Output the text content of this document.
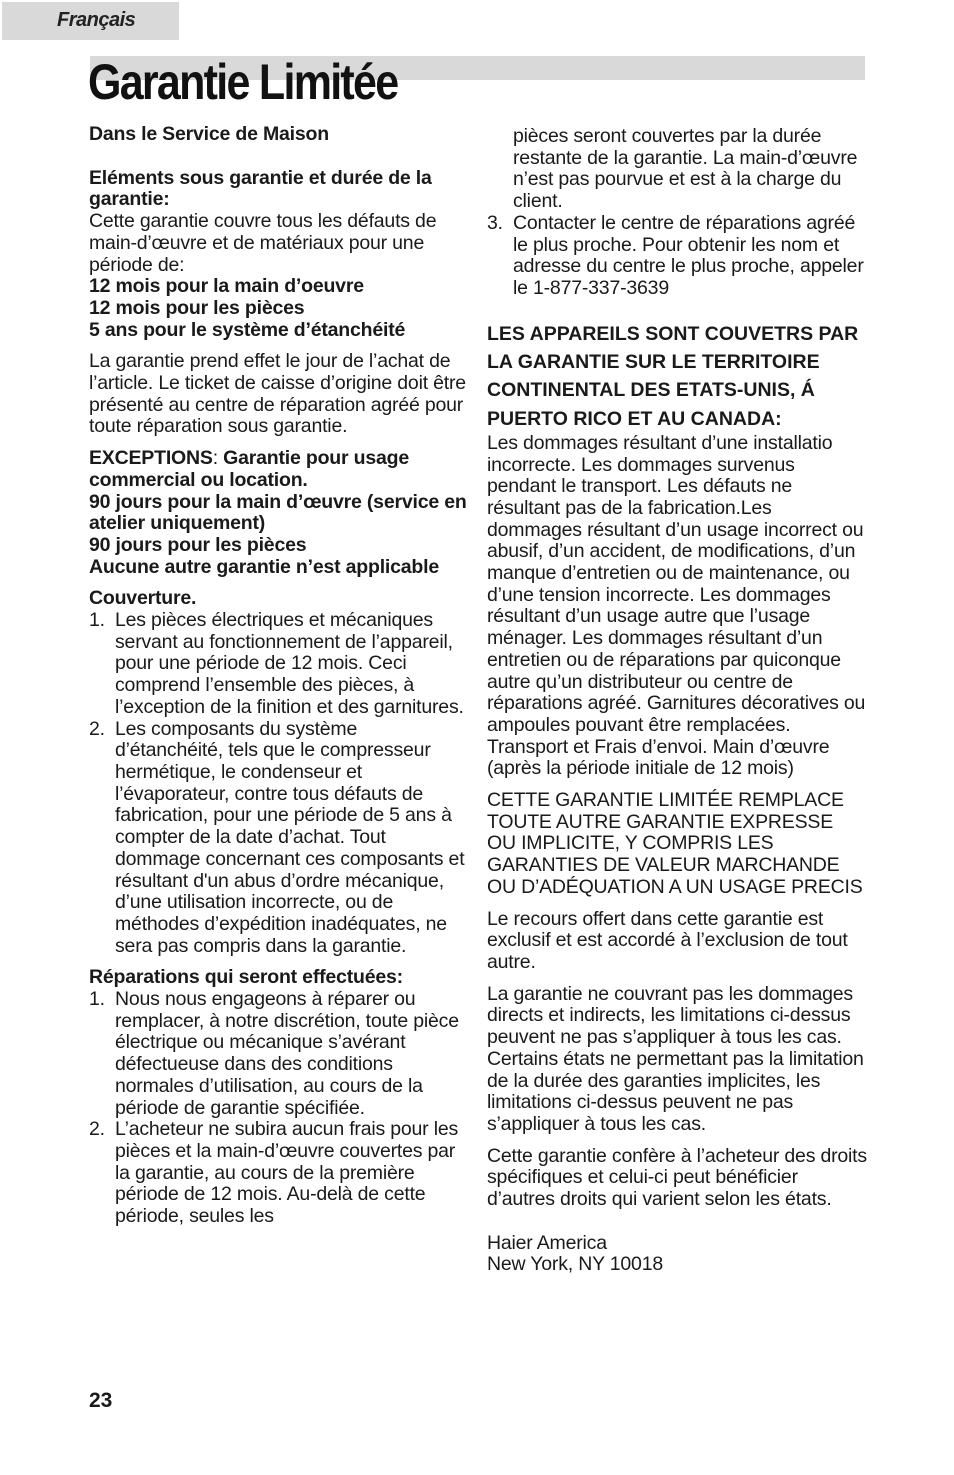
Français
Garantie Limitée
Dans le Service de Maison
Eléments sous garantie et durée de la garantie:
Cette garantie couvre tous les défauts de main-d’œuvre et de matériaux pour une période de:
12 mois pour la main d’oeuvre
12 mois pour les pièces
5 ans pour le système d’étanchéité
La garantie prend effet le jour de l’achat de l’article. Le ticket de caisse d’origine doit être présenté au centre de réparation agréé pour toute réparation sous garantie.
EXCEPTIONS: Garantie pour usage commercial ou location.
90 jours pour la main d’œuvre (service en atelier uniquement)
90 jours pour les pièces
Aucune autre garantie n’est applicable
Couverture.
1. Les pièces électriques et mécaniques servant au fonctionnement de l’appareil, pour une période de 12 mois. Ceci comprend l’ensemble des pièces, à l’exception de la finition et des garnitures.
2. Les composants du système d’étanchéité, tels que le compresseur hermétique, le condenseur et l’évaporateur, contre tous défauts de fabrication, pour une période de 5 ans à compter de la date d’achat. Tout dommage concernant ces composants et résultant d'un abus d’ordre mécanique, d’une utilisation incorrecte, ou de méthodes d’expédition inadéquates, ne sera pas compris dans la garantie.
Réparations qui seront effectuées:
1. Nous nous engageons à réparer ou remplacer, à notre discrétion, toute pièce électrique ou mécanique s’avérant défectueuse dans des conditions normales d’utilisation, au cours de la période de garantie spécifiée.
2. L’acheteur ne subira aucun frais pour les pièces et la main-d’œuvre couvertes par la garantie, au cours de la première période de 12 mois. Au-delà de cette période, seules les
pièces seront couvertes par la durée restante de la garantie. La main-d’œuvre n’est pas pourvue et est à la charge du client.
3. Contacter le centre de réparations agréé le plus proche. Pour obtenir les nom et adresse du centre le plus proche, appeler le 1-877-337-3639
LES APPAREILS SONT COUVETRS PAR LA GARANTIE SUR LE TERRITOIRE CONTINENTAL DES ETATS-UNIS, Á PUERTO RICO ET AU CANADA:
Les dommages résultant d’une installatio incorrecte. Les dommages survenus pendant le transport. Les défauts ne résultant pas de la fabrication.Les dommages résultant d’un usage incorrect ou abusif, d’un accident, de modifications, d’un manque d’entretien ou de maintenance, ou d’une tension incorrecte. Les dommages résultant d’un usage autre que l’usage ménager. Les dommages résultant d’un entretien ou de réparations par quiconque autre qu’un distributeur ou centre de réparations agréé. Garnitures décoratives ou ampoules pouvant être remplacées. Transport et Frais d’envoi. Main d’œuvre (après la période initiale de 12 mois)
CETTE GARANTIE LIMITÉE REMPLACE TOUTE AUTRE GARANTIE EXPRESSE OU IMPLICITE, Y COMPRIS LES GARANTIES DE VALEUR MARCHANDE OU D’ADÉQUATION A UN USAGE PRECIS
Le recours offert dans cette garantie est exclusif et est accordé à l’exclusion de tout autre.
La garantie ne couvrant pas les dommages directs et indirects, les limitations ci-dessus peuvent ne pas s’appliquer à tous les cas. Certains états ne permettant pas la limitation de la durée des garanties implicites, les limitations ci-dessus peuvent ne pas s’appliquer à tous les cas.
Cette garantie confère à l’acheteur des droits spécifiques et celui-ci peut bénéficier d’autres droits qui varient selon les états.
Haier America
New York, NY 10018
23
